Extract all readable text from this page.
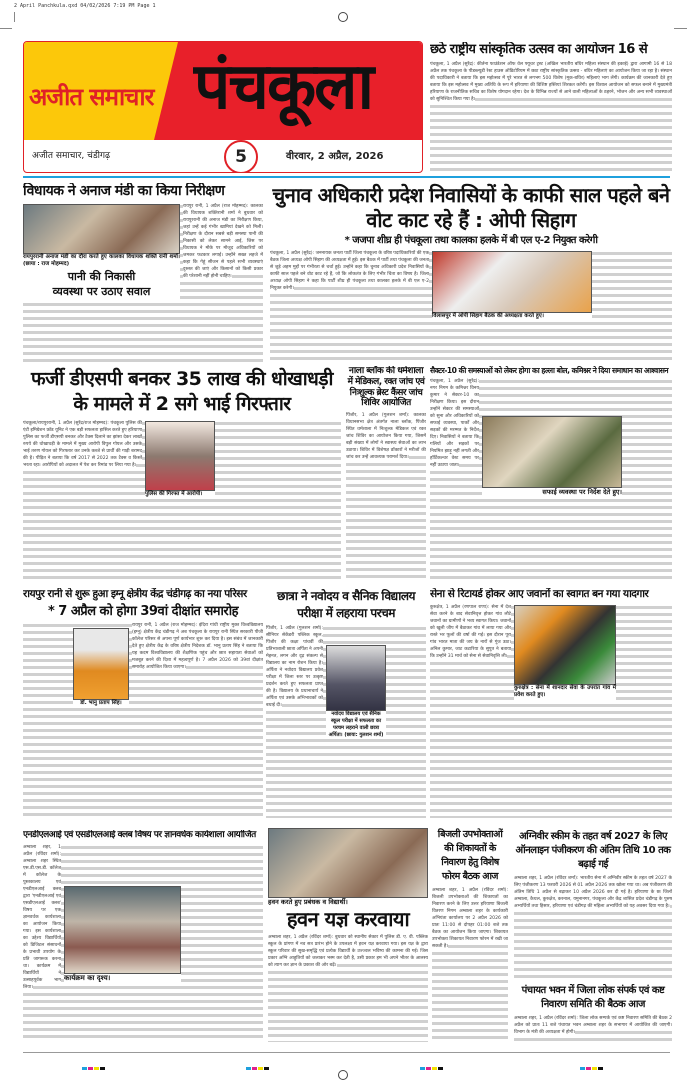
2 April Panchkula.qxd 04/02/2026 7:19 PM Page 1
अजीत समाचार पंचकूला
अजीत समाचार, चंडीगढ़	5	वीरवार, 2 अप्रैल, 2026
छठे राष्ट्रीय सांस्कृतिक उत्सव का आयोजन 16 से
पंचकूला, 1 अप्रैल (सुरेंद्र): कीर्तना फाउंडेशन ऑफ वेल फ्यूचर ट्रस्ट (अखिल भारतीय बधिर महिला संस्थान की इकाई) द्वारा आगामी 16 से 18 अप्रैल तक पंचकूला के पीडब्ल्यूडी रेस्ट हाउस ऑडिटोरियम में छठा राष्ट्रीय सांस्कृतिक उत्सव - बधिर महिलाएं का आयोजन किया जा रहा है। संस्थान की पदाधिकारी ने बताया कि इस महोत्सव में पूरे भारत से लगभग 500 विशेष (मूक-बधिर) महिलाएं भाग लेंगी। कार्यक्रम की जानकारी देते हुए बताया कि इस महोत्सव में मुख्य अतिथि के रूप में हरियाणा की विशिष्ट हस्तियां शिरकत करेंगी। इस विशाल आयोजन को सफल बनाने में मुख्यमंत्री हरियाणा के राजनीतिक सचिव का विशेष योगदान रहेगा। देश के विभिन्न राज्यों से आने वाली महिलाओं के ठहरने, भोजन और अन्य सभी व्यवस्थाओं को सुनिश्चित किया गया है।
विधायक ने अनाज मंडी का किया निरीक्षण
रायपुररानी अनाज मंडी का दौरा करते हुए कालका विधायक शक्ति रानी शर्मा। (छाया : राज मोहम्मद)
पानी की निकासी
व्यवस्था पर उठाए सवाल
रायपुर रानी, 1 अप्रैल (राज मोहम्मद): कालका की विधायक शक्तिरानी शर्मा ने बुधवार को रायपुररानी की अनाज मंडी का निरीक्षण किया, जहां उन्हें कई गंभीर खामियां देखने को मिलीं। निरीक्षण के दौरान सबसे बड़ी समस्या पानी की निकासी को लेकर सामने आई, जिस पर विधायक ने मौके पर मौजूद अधिकारियों को जमकर फटकार लगाई। उन्होंने सख्त लहजे में कहा कि गेहूं सीजन से पहले सभी व्यवस्थाएं दुरुस्त की जाएं और किसानों को किसी प्रकार की परेशानी नहीं होनी चाहिए।
चुनाव अधिकारी प्रदेश निवासियों के काफी साल पहले बने वोट काट रहे हैं : ओपी सिहाग
* जजपा शीघ्र ही पंचकूला तथा कालका हलके में बी एल ए-2 नियुक्त करेगी
विलासपुर में ओपी सिहाग बैठक की अध्यक्षता करते हुए।
पंचकूला, 1 अप्रैल (सुरेंद्र): जननायक जनता पार्टी जिला पंचकूला के वरिष्ठ पदाधिकारियों की एक बैठक जिला अध्यक्ष ओपी सिहाग की अध्यक्षता में हुई। इस बैठक में पार्टी तथा पंचकूला की जनता से जुड़े अहम मुद्दों पर गंभीरता से चर्चा हुई। उन्होंने कहा कि चुनाव अधिकारी प्रदेश निवासियों के काफी साल पहले बने वोट काट रहे हैं, जो कि लोकतंत्र के लिए गंभीर चिंता का विषय है। जिला अध्यक्ष ओपी सिहाग ने कहा कि पार्टी शीघ्र ही पंचकूला तथा कालका हलके में बी एल ए-2 नियुक्त करेगी।
फर्जी डीएसपी बनकर 35 लाख की धोखाधड़ी के मामले में 2 सगे भाई गिरफ्तार
पुलिस की गिरफ्त में आरोपी।
पंचकूला/रायपुररानी, 1 अप्रैल (सुरेंद्र/राज मोहम्मद): पंचकूला पुलिस की एंटी इमिग्रेशन फ्रॉड यूनिट ने एक बड़ी सफलता हासिल करते हुए हरियाणा पुलिस का फर्जी डीएसपी बनकर और टैक्स दिलाने का झांसा देकर लाखों रुपये की धोखाधड़ी के मामले में मुख्य आरोपी विपुल गोयल और उसके भाई तरुण गोयल को गिरफ्तार कर उनके कब्जे से प्रार्थी की गाड़ी बरामद की है। पीड़ित ने बताया कि वर्ष 2017 से 2022 तक टैक्स व किस्तें भरता रहा। आरोपियों को अदालत में पेश कर रिमांड पर लिया गया है।
नाला ब्लॉक की धर्मशाला में मेडिकल, रक्त जांच एवं निःशुल्क ब्रेस्ट कैंसर जांच शिविर आयोजित
पिंजौर, 1 अप्रैल (गुलशन शर्मा): कालका विधानसभा क्षेत्र अंतर्गत नाला ब्लॉक, पिंजौर स्थित धर्मशाला में निःशुल्क मेडिकल एवं रक्त जांच शिविर का आयोजन किया गया, जिसमें बड़ी संख्या में लोगों ने स्वास्थ्य सेवाओं का लाभ उठाया। शिविर में विशेषज्ञ डॉक्टरों ने मरीजों की जांच कर उन्हें आवश्यक परामर्श दिया।
सैक्टर-10 की समस्याओं को लेकर होगा का हल्ला बोल, कमिश्नर ने दिया समाधान का आश्वासन
सफाई व्यवस्था पर निर्देश देते हुए।
पंचकूला, 1 अप्रैल (सुरेंद्र): नगर निगम के कमिश्नर विनय कुमार ने सेक्टर-10 का निरीक्षण किया। इस दौरान उन्होंने सेक्टर की समस्याओं को सुना और अधिकारियों को सफाई व्यवस्था, पार्कों और सड़कों की मरम्मत के निर्देश दिए। निवासियों ने बताया कि गलियों और सड़कों पर नियमित झाड़ू नहीं लगती और हॉर्टिकल्चर वेस्ट समय पर नहीं उठाया जाता।
रायपुर रानी से शुरू हुआ इग्नू क्षेत्रीय केंद्र चंडीगढ़ का नया परिसर
* 7 अप्रैल को होगा 39वां दीक्षांत समारोह
डॉ. भानु प्रताप सिंह।
रायपुर रानी, 1 अप्रैल (राज मोहम्मद): इंदिरा गांधी राष्ट्रीय मुक्त विश्वविद्यालय (इग्नू) क्षेत्रीय केंद्र चंडीगढ़ ने अब पंचकूला के रायपुर रानी स्थित सरकारी पीजी कॉलेज परिसर से अपना पूर्ण कार्यभार शुरू कर दिया है। इस संबंध में जानकारी देते हुए क्षेत्रीय केंद्र के वरिष्ठ क्षेत्रीय निदेशक डॉ. भानु प्रताप सिंह ने बताया कि यह कदम विश्वविद्यालय की शैक्षणिक पहुंच और छात्र सहायता सेवाओं को मजबूत करने की दिशा में महत्वपूर्ण है। 7 अप्रैल 2026 को 39वां दीक्षांत समारोह आयोजित किया जाएगा।
छात्रा ने नवोदय व सैनिक विद्यालय परीक्षा में लहराया परचम
नवोदय विद्यालय एवं सैनिक स्कूल परीक्षा में सफलता का परचम लहराने वाली छात्रा अर्पिता। (छाया: गुलशन शर्मा)
पिंजौर, 1 अप्रैल (गुलशन शर्मा): सीनियर सेकेंडरी पब्लिक स्कूल, पिंजौर की कक्षा पांचवीं की प्रतिभाशाली छात्रा अर्पिता ने अपनी मेहनत, लगन और दृढ़ संकल्प से विद्यालय का नाम रोशन किया है। अर्पिता ने नवोदय विद्यालय प्रवेश परीक्षा में जिला स्तर पर उत्कृष्ट प्रदर्शन करते हुए सफलता प्राप्त की है। विद्यालय के प्रधानाचार्य ने अर्पिता एवं उसके अभिभावकों को बधाई दी।
सेना से रिटायर्ड होकर आए जवानों का स्वागत बन गया यादगार
कुरुक्षेत्र : सेना में शानदार सेवा के उपरांत गांव में प्रवेश करते हुए।
कुरुक्षेत्र, 1 अप्रैल (रणपाल राणा): सेना में देश सेवा करने के बाद सेवानिवृत्त होकर गांव लौटे जवानों का ग्रामीणों ने भव्य स्वागत किया। जवानों को खुली जीप में बैठाकर गांव में लाया गया और रास्ते भर फूलों की वर्षा की गई। इस दौरान पूरा गांव भारत माता की जय के नारों से गूंज उठा। अनिल कुमार, जाट कटारिया के सुपुत्र ने बताया कि उन्होंने 31 मार्च को सेना से सेवानिवृत्ति ली।
एनडीएलआई एवं एसडीएलआई क्लब विषय पर ज्ञानवर्धक कार्यशाला आयोजित
कार्यक्रम का दृश्य।
अम्बाला शहर, 1 अप्रैल (रविंदर शर्मा): अम्बाला शहर स्थित एस.डी.एस.डी. कॉलेज में कॉलेज के पुस्तकालय एवं एनडीएलआई क्लब द्वारा 'एनडीएलआई एवं एसडीएलआई क्लब' विषय पर एक ज्ञानवर्धक कार्यशाला का आयोजन किया गया। इस कार्यशाला का उद्देश्य विद्यार्थियों को डिजिटल संसाधनों के प्रभावी उपयोग के प्रति जागरूक करना था। कार्यक्रम में विद्यार्थियों ने उत्साहपूर्वक भाग लिया।
हवन करते हुए प्रबंधक व विद्यार्थी।
हवन यज्ञ करवाया
अम्बाला शहर, 1 अप्रैल (रविंदर शर्मा): बुधवार को स्थानीय सेक्टर में पुलिस डी. ए. वी. पब्लिक स्कूल के प्रांगण में नव सत्र प्रारंभ होने के उपलक्ष्य में हवन यज्ञ करवाया गया। इस यज्ञ के द्वारा स्कूल परिवार की सुख-समृद्धि एवं प्रत्येक विद्यार्थी के उज्ज्वल भविष्य की कामना की गई। जिस प्रकार अग्नि आहुतियों को जलाकर भस्म कर देती है, उसी प्रकार हम भी अपने भीतर के आलस्य को त्याग कर ज्ञान के प्रकाश की ओर बढ़ें।
बिजली उपभोक्ताओं की शिकायतों के निवारण हेतु विशेष फोरम बैठक आज
अम्बाला शहर, 1 अप्रैल (रविंदर शर्मा): बिजली उपभोक्ताओं की शिकायतों का निवारण करने के लिए उत्तर हरियाणा बिजली वितरण निगम अम्बाला शहर के कार्यकारी अभियंता कार्यालय पर 2 अप्रैल 2026 को प्रातः 11:00 से दोपहर 01:00 बजे तक बैठक का आयोजन किया जाएगा। शिकायत उपभोक्ता शिकायत निवारण फोरम में रखी जा सकती है।
अग्निवीर स्कीम के तहत वर्ष 2027 के लिए ऑनलाइन पंजीकरण की अंतिम तिथि 10 तक बढ़ाई गई
अम्बाला शहर, 1 अप्रैल (रविंदर शर्मा): भारतीय सेना में अग्निवीर स्कीम के तहत वर्ष 2027 के लिए पंजीकरण 13 फरवरी 2026 से 01 अप्रैल 2026 तक खोला गया था। अब पंजीकरण की अंतिम तिथि 1 अप्रैल से बढ़ाकर 10 अप्रैल 2026 कर दी गई है। हरियाणा के छः जिलों अम्बाला, कैथल, कुरुक्षेत्र, करनाल, यमुनानगर, पंचकूला और केंद्र शासित प्रदेश चंडीगढ़ के पुरुष अभ्यर्थियों तथा हिसार, हरियाणा एवं चंडीगढ़ की महिला अभ्यर्थियों को यह अवसर दिया गया है।
पंचायत भवन में जिला लोक संपर्क एवं कष्ट निवारण समिति की बैठक आज
अम्बाला शहर, 1 अप्रैल (रविंदर शर्मा): जिला लोक सम्पर्क एवं कष्ट निवारण समिति की बैठक 2 अप्रैल को प्रातः 11 बजे पंचायत भवन अम्बाला शहर के सभागार में आयोजित की जाएगी। विभाग के मंत्री की अध्यक्षता में होगी।
